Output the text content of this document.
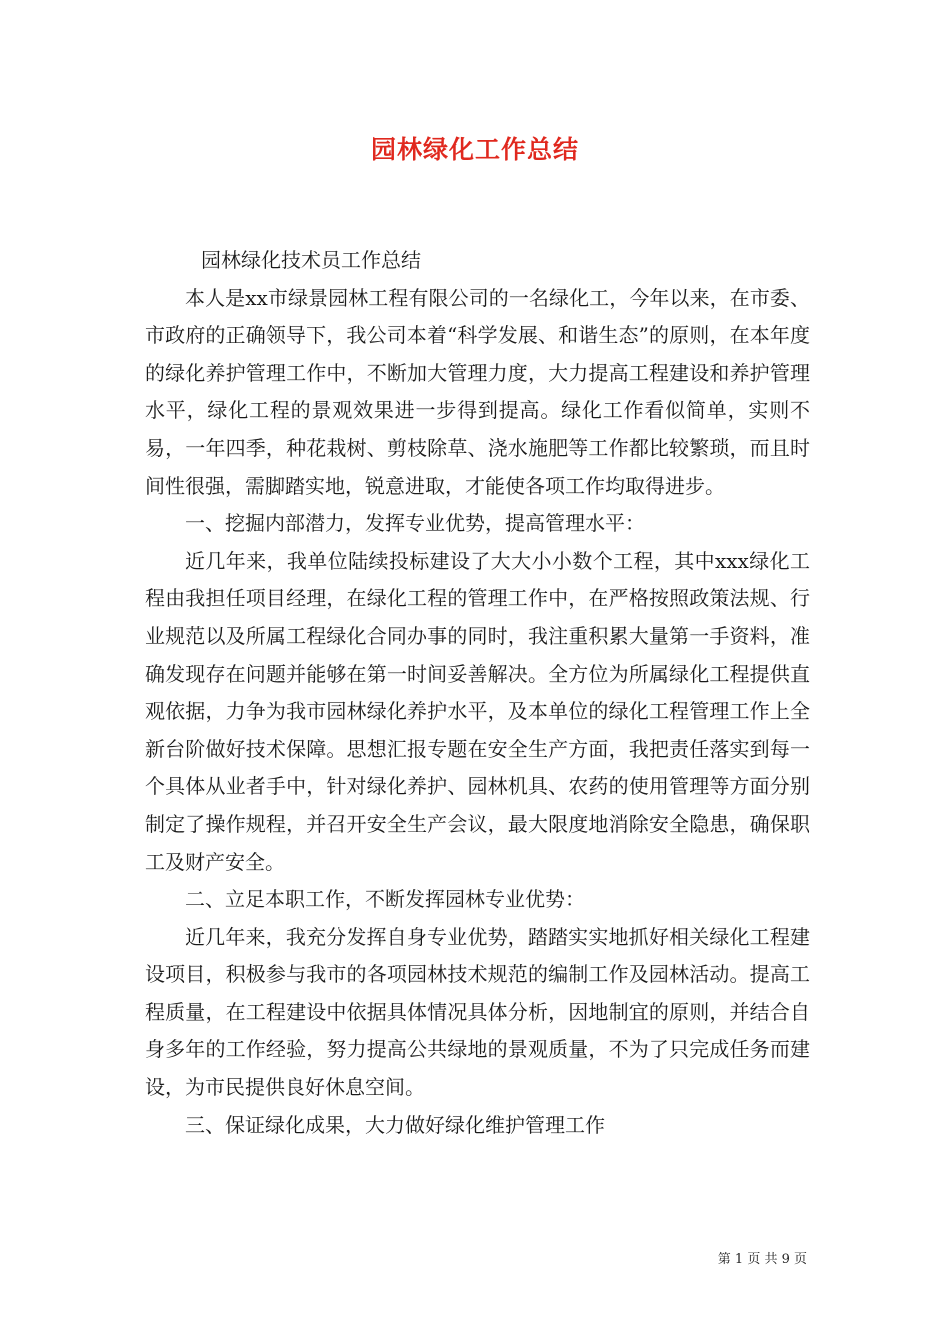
园林绿化工作总结

园林绿化技术员工作总结

本人是xx市绿景园林工程有限公司的一名绿化工，今年以来，在市委、市政府的正确领导下，我公司本着“科学发展、和谐生态”的原则，在本年度的绿化养护管理工作中，不断加大管理力度，大力提高工程建设和养护管理水平，绿化工程的景观效果进一步得到提高。绿化工作看似简单，实则不易，一年四季，种花栽树、剪枝除草、浇水施肥等工作都比较繁琐，而且时间性很强，需脚踏实地，锐意进取，才能使各项工作均取得进步。

一、挖掘内部潜力，发挥专业优势，提高管理水平：

近几年来，我单位陆续投标建设了大大小小数个工程，其中xxx绿化工程由我担任项目经理，在绿化工程的管理工作中，在严格按照政策法规、行业规范以及所属工程绿化合同办事的同时，我注重积累大量第一手资料，准确发现存在问题并能够在第一时间妥善解决。全方位为所属绿化工程提供直观依据，力争为我市园林绿化养护水平，及本单位的绿化工程管理工作上全新台阶做好技术保障。思想汇报专题在安全生产方面，我把责任落实到每一个具体从业者手中，针对绿化养护、园林机具、农药的使用管理等方面分别制定了操作规程，并召开安全生产会议，最大限度地消除安全隐患，确保职工及财产安全。

二、立足本职工作，不断发挥园林专业优势：

近几年来，我充分发挥自身专业优势，踏踏实实地抓好相关绿化工程建设项目，积极参与我市的各项园林技术规范的编制工作及园林活动。提高工程质量，在工程建设中依据具体情况具体分析，因地制宜的原则，并结合自身多年的工作经验，努力提高公共绿地的景观质量，不为了只完成任务而建设，为市民提供良好休息空间。

三、保证绿化成果，大力做好绿化维护管理工作

第 1 页 共 9 页
